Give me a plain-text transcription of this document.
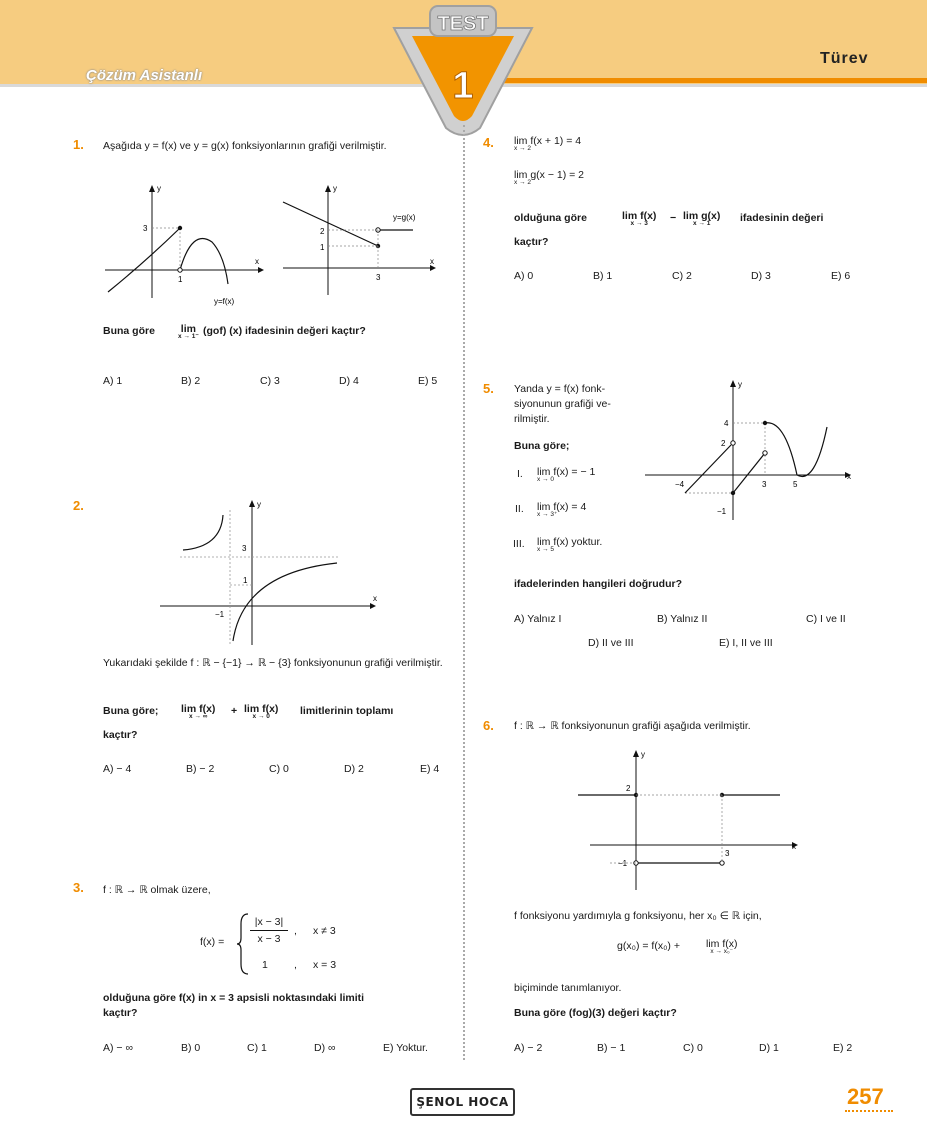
Çözüm Asistanlı
Türev
TEST
1
1. Aşağıda y = f(x) ve y = g(x) fonksiyonlarının grafiği verilmiştir.
y
x
3
1
y=f(x)
y
x
2
1
3
y=g(x)
Buna göre lim
x → 1⁻ (gof) (x) ifadesinin değeri kaçtır?
A) 1	B) 2	C) 3	D) 4	E) 5
2.	y
x
3
1
−1
Yukarıdaki şekilde f : ℝ − {−1} → ℝ − {3} fonksiyonunun grafiği verilmiştir.
Buna göre; lim f(x)
x → ∞	+ lim f(x)
x → 0	limitlerinin toplamı
kaçtır?
A) − 4	B) − 2	C) 0	D) 2	E) 4
3. f : ℝ → ℝ olmak üzere,
f(x) =
|x − 3|
x − 3
, x ≠ 3
1 , x = 3
olduğuna göre f(x) in x = 3 apsisli noktasındaki limiti
kaçtır?
A) − ∞	B) 0	C) 1	D) ∞	E) Yoktur.
4. lim f(x + 1) = 4
x → 2
lim g(x − 1) = 2
x → 2
olduğuna göre	lim f(x)
x → 3	− lim g(x)
x → 1	ifadesinin değeri
kaçtır?
A) 0	B) 1	C) 2	D) 3	E) 6
5. Yanda y = f(x) fonk-
siyonunun grafiği ve-
rilmiştir.
Buna göre;
I. lim f(x) = − 1
x → 0
II. lim f(x) = 4
x → 3⁺
III. lim f(x) yoktur.
x → 5
y
x
4
2
−1
−4	3	5
ifadelerinden hangileri doğrudur?
A) Yalnız I	B) Yalnız II	C) I ve II
D) II ve III	E) I, II ve III
6. f : ℝ → ℝ fonksiyonunun grafiği aşağıda verilmiştir.
y
x
2
−1
3
f fonksiyonu yardımıyla g fonksiyonu, her x₀ ∈ ℝ için,
g(x₀) = f(x₀) + lim f(x)
x → x₀⁻
biçiminde tanımlanıyor.
Buna göre (fog)(3) değeri kaçtır?
A) − 2	B) − 1	C) 0	D) 1	E) 2
ŞENOL HOCA	257
